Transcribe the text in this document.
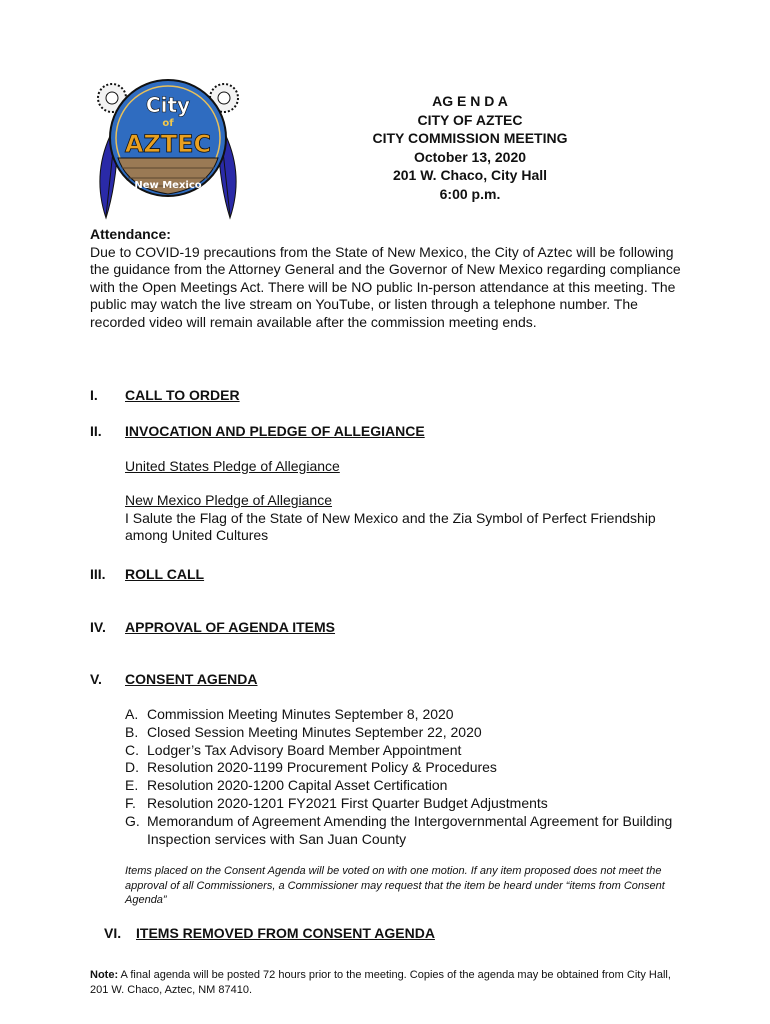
City
of
AZTEC
New Mexico
AG E N D A
CITY OF AZTEC
CITY COMMISSION MEETING
October 13, 2020
201 W. Chaco, City Hall
6:00 p.m.
Attendance:
Due to COVID-19 precautions from the State of New Mexico, the City of Aztec will be following the guidance from the Attorney General and the Governor of New Mexico regarding compliance with the Open Meetings Act. There will be NO public In-person attendance at this meeting. The public may watch the live stream on YouTube, or listen through a telephone number. The recorded video will remain available after the commission meeting ends.
I. CALL TO ORDER
II. INVOCATION AND PLEDGE OF ALLEGIANCE
United States Pledge of Allegiance
New Mexico Pledge of Allegiance
I Salute the Flag of the State of New Mexico and the Zia Symbol of Perfect Friendship among United Cultures
III. ROLL CALL
IV. APPROVAL OF AGENDA ITEMS
V. CONSENT AGENDA
A. Commission Meeting Minutes September 8, 2020
B. Closed Session Meeting Minutes September 22, 2020
C. Lodger’s Tax Advisory Board Member Appointment
D. Resolution 2020-1199 Procurement Policy & Procedures
E. Resolution 2020-1200 Capital Asset Certification
F. Resolution 2020-1201 FY2021 First Quarter Budget Adjustments
G. Memorandum of Agreement Amending the Intergovernmental Agreement for Building Inspection services with San Juan County
Items placed on the Consent Agenda will be voted on with one motion. If any item proposed does not meet the approval of all Commissioners, a Commissioner may request that the item be heard under “items from Consent Agenda”
VI. ITEMS REMOVED FROM CONSENT AGENDA
Note: A final agenda will be posted 72 hours prior to the meeting. Copies of the agenda may be obtained from City Hall, 201 W. Chaco, Aztec, NM 87410.
